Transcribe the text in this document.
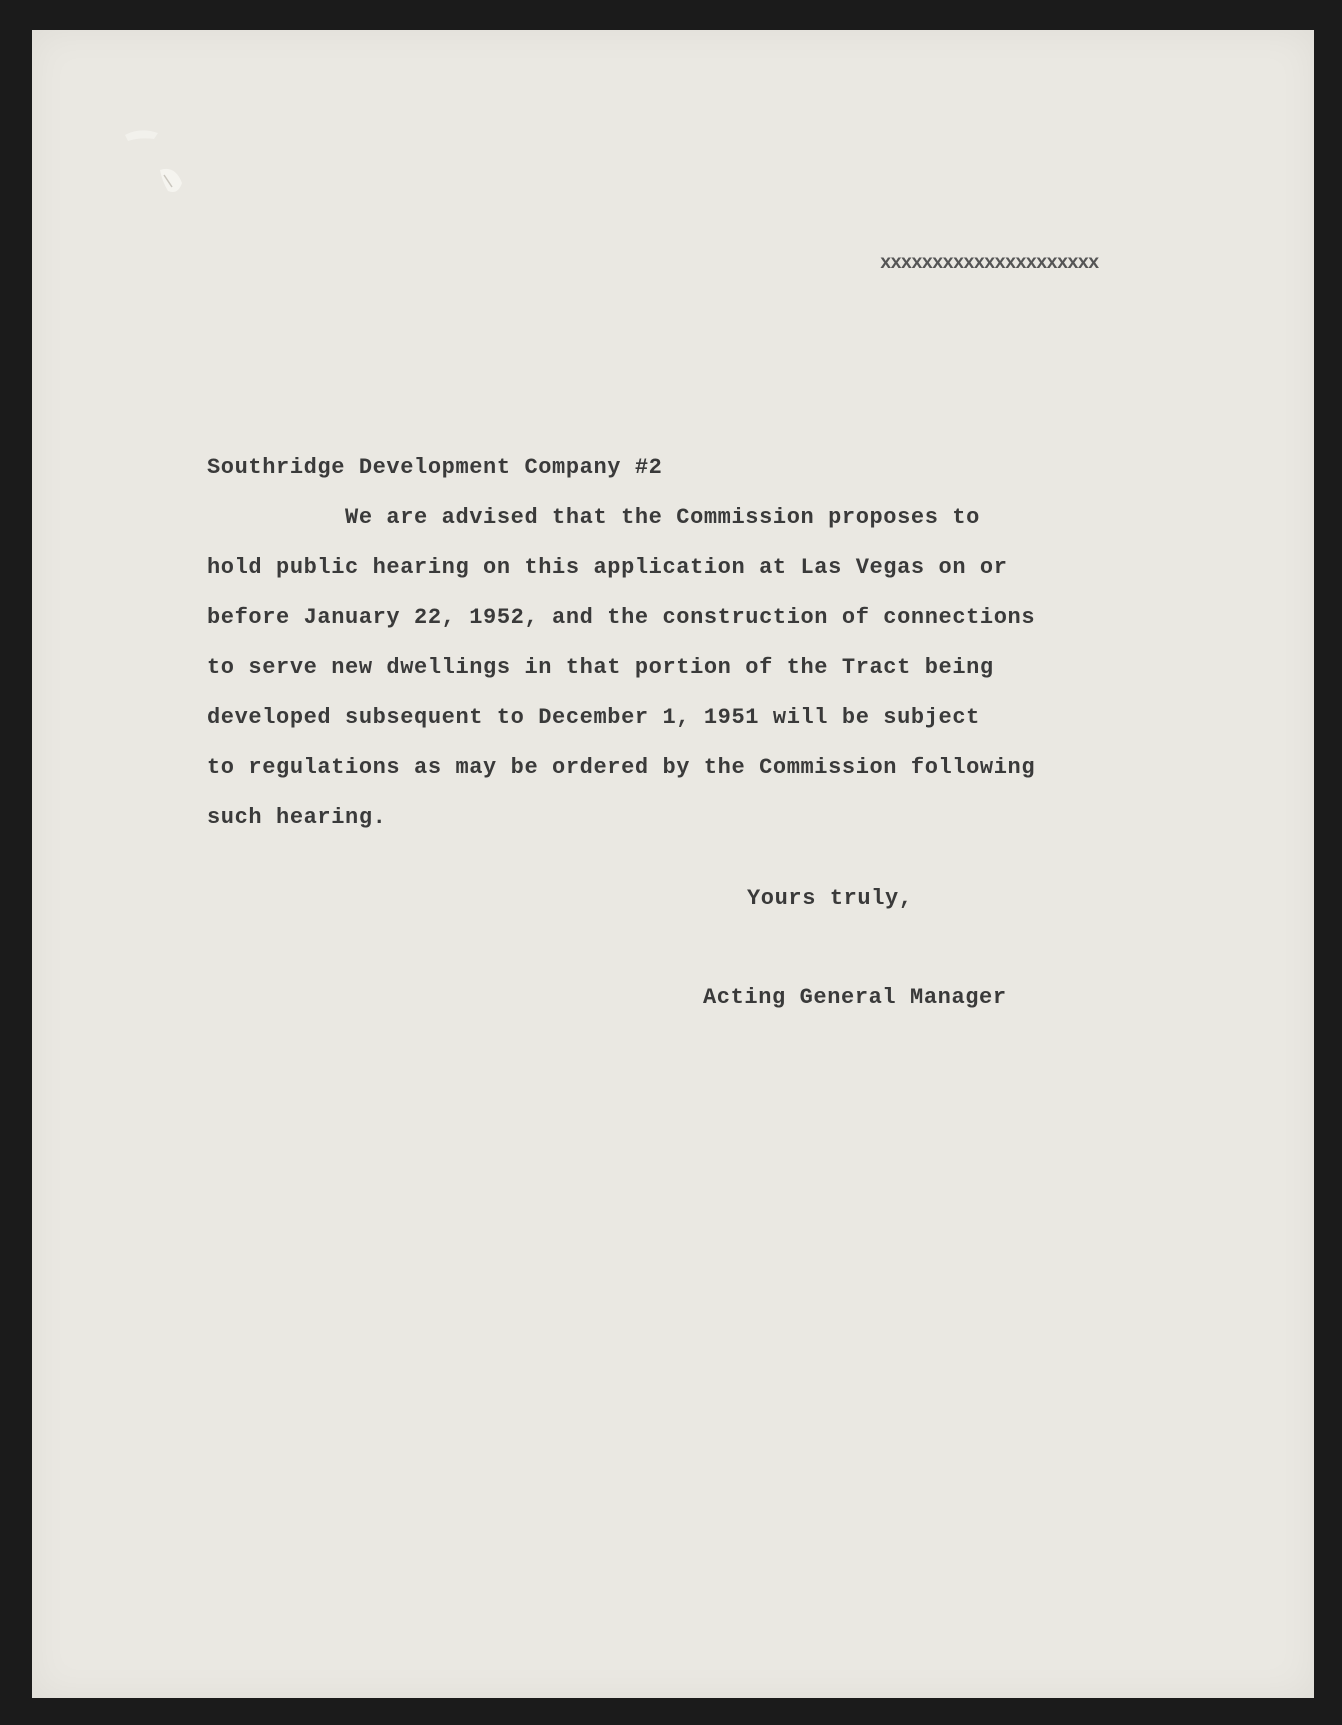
xxxxxxxxxxxxxxxxxxxxx

Southridge Development Company #2

We are advised that the Commission proposes to

hold public hearing on this application at Las Vegas on or

before January 22, 1952, and the construction of connections

to serve new dwellings in that portion of the Tract being

developed subsequent to December 1, 1951 will be subject

to regulations as may be ordered by the Commission following

such hearing.

Yours truly,

Acting General Manager
